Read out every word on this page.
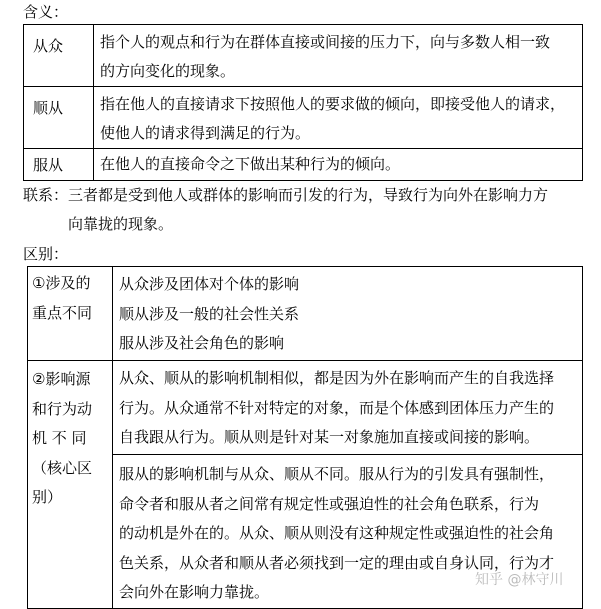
含义：
从众	指个人的观点和行为在群体直接或间接的压力下，向与多数人相一致
的方向变化的现象。

顺从	指在他人的直接请求下按照他人的要求做的倾向，即接受他人的请求，
使他人的请求得到满足的行为。

服从	在他人的直接命令之下做出某种行为的倾向。
联系：三者都是受到他人或群体的影响而引发的行为，导致行为向外在影响力方
向靠拢的现象。
区别：
①涉及的
重点不同	从众涉及团体对个体的影响
顺从涉及一般的社会性关系
服从涉及社会角色的影响

②影响源
和行为动
机 不 同
（核心区
别）	从众、顺从的影响机制相似，都是因为外在影响而产生的自我选择
行为。从众通常不针对特定的对象，而是个体感到团体压力产生的
自我跟从行为。顺从则是针对某一对象施加直接或间接的影响。

	服从的影响机制与从众、顺从不同。服从行为的引发具有强制性，
命令者和服从者之间常有规定性或强迫性的社会角色联系，行为
的动机是外在的。从众、顺从则没有这种规定性或强迫性的社会角
色关系，从众者和顺从者必须找到一定的理由或自身认同，行为才
会向外在影响力靠拢。
知乎 @林守川
